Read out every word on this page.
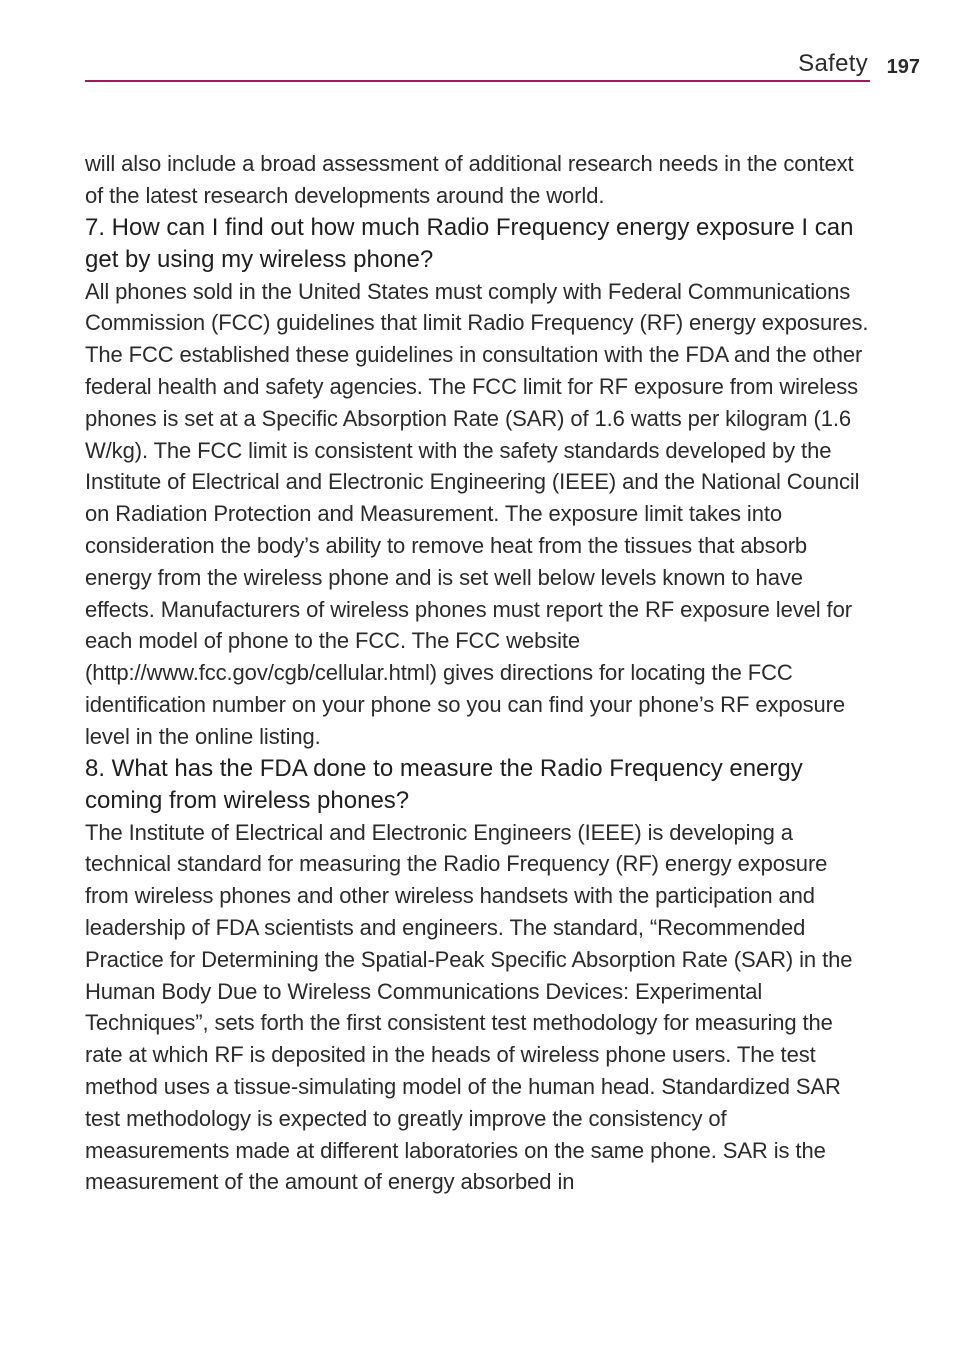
Safety 197

will also include a broad assessment of additional research needs in the context of the latest research developments around the world.

7. How can I find out how much Radio Frequency energy exposure I can get by using my wireless phone?

All phones sold in the United States must comply with Federal Communications Commission (FCC) guidelines that limit Radio Frequency (RF) energy exposures. The FCC established these guidelines in consultation with the FDA and the other federal health and safety agencies. The FCC limit for RF exposure from wireless phones is set at a Specific Absorption Rate (SAR) of 1.6 watts per kilogram (1.6 W/kg). The FCC limit is consistent with the safety standards developed by the Institute of Electrical and Electronic Engineering (IEEE) and the National Council on Radiation Protection and Measurement. The exposure limit takes into consideration the body’s ability to remove heat from the tissues that absorb energy from the wireless phone and is set well below levels known to have effects. Manufacturers of wireless phones must report the RF exposure level for each model of phone to the FCC. The FCC website (http://www.fcc.gov/cgb/cellular.html) gives directions for locating the FCC identification number on your phone so you can find your phone’s RF exposure level in the online listing.

8. What has the FDA done to measure the Radio Frequency energy coming from wireless phones?

The Institute of Electrical and Electronic Engineers (IEEE) is developing a technical standard for measuring the Radio Frequency (RF) energy exposure from wireless phones and other wireless handsets with the participation and leadership of FDA scientists and engineers. The standard, “Recommended Practice for Determining the Spatial-Peak Specific Absorption Rate (SAR) in the Human Body Due to Wireless Communications Devices: Experimental Techniques”, sets forth the first consistent test methodology for measuring the rate at which RF is deposited in the heads of wireless phone users. The test method uses a tissue-simulating model of the human head. Standardized SAR test methodology is expected to greatly improve the consistency of measurements made at different laboratories on the same phone. SAR is the measurement of the amount of energy absorbed in
